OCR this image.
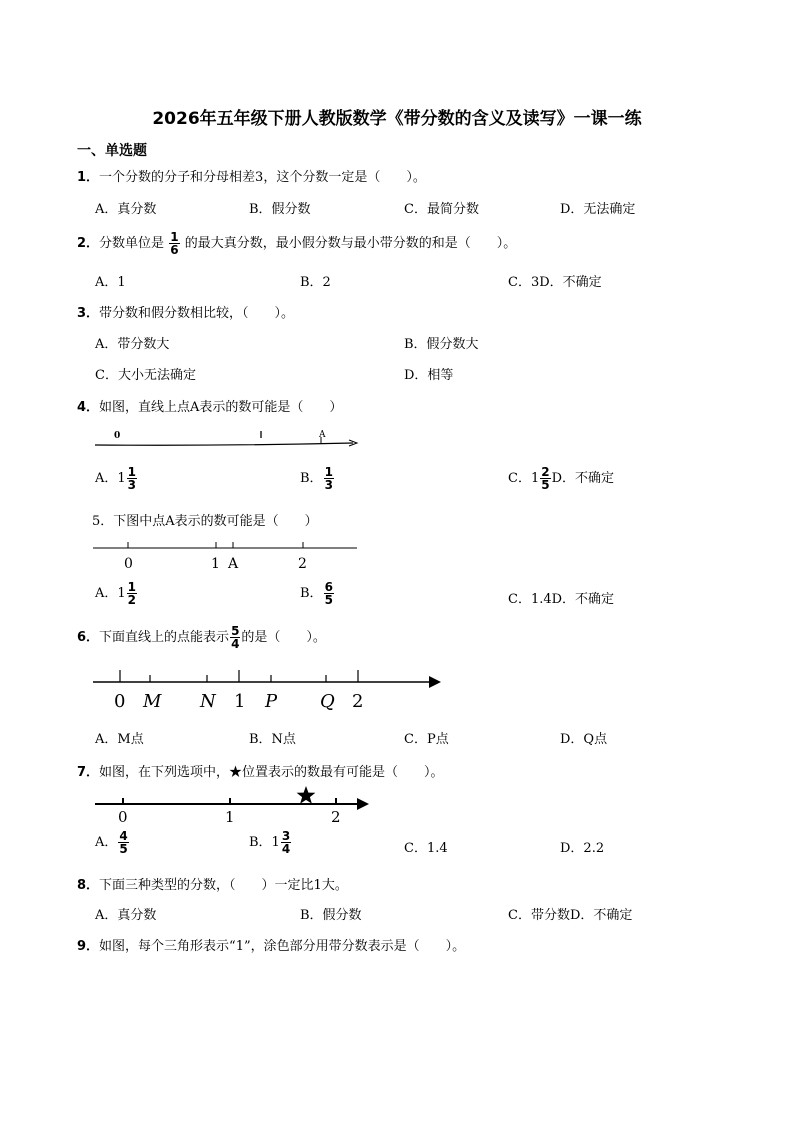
2026年五年级下册人教版数学《带分数的含义及读写》一课一练
一、单选题
1．一个分数的分子和分母相差3，这个分数一定是（　　）。
A．真分数	B．假分数	C．最简分数	D．无法确定
2．分数单位是 $\frac{1}{6}$ 的最大真分数，最小假分数与最小带分数的和是（　　）。
A．1	B．2	C．3D．不确定
3．带分数和假分数相比较，（　　）。
A．带分数大	B．假分数大
C．大小无法确定	D．相等
4．如图，直线上点A表示的数可能是（　　）
0	A
A．$1 \frac{1}{3}$	B． $\frac{1}{3}$	C．$1 \frac{2}{5}$ D．不确定
5．下图中点A表示的数可能是（　　）
0	1 A	2
A．$1 \frac{1}{2}$	B． $\frac{6}{5}$	C．1.4D．不确定
6．下面直线上的点能表示 $\frac{5}{4}$ 的是（　　）。
0 M N 1 P Q 2
A．M点	B．N点	C．P点	D．Q点
7．如图，在下列选项中，★位置表示的数最有可能是（　　）。
0	1	2
A． $\frac{4}{5}$	B．$1 \frac{3}{4}$	C．1.4	D．2.2
8．下面三种类型的分数，（　　）一定比1大。
A．真分数	B．假分数	C．带分数D．不确定
9．如图，每个三角形表示“1”，涂色部分用带分数表示是（　　）。
